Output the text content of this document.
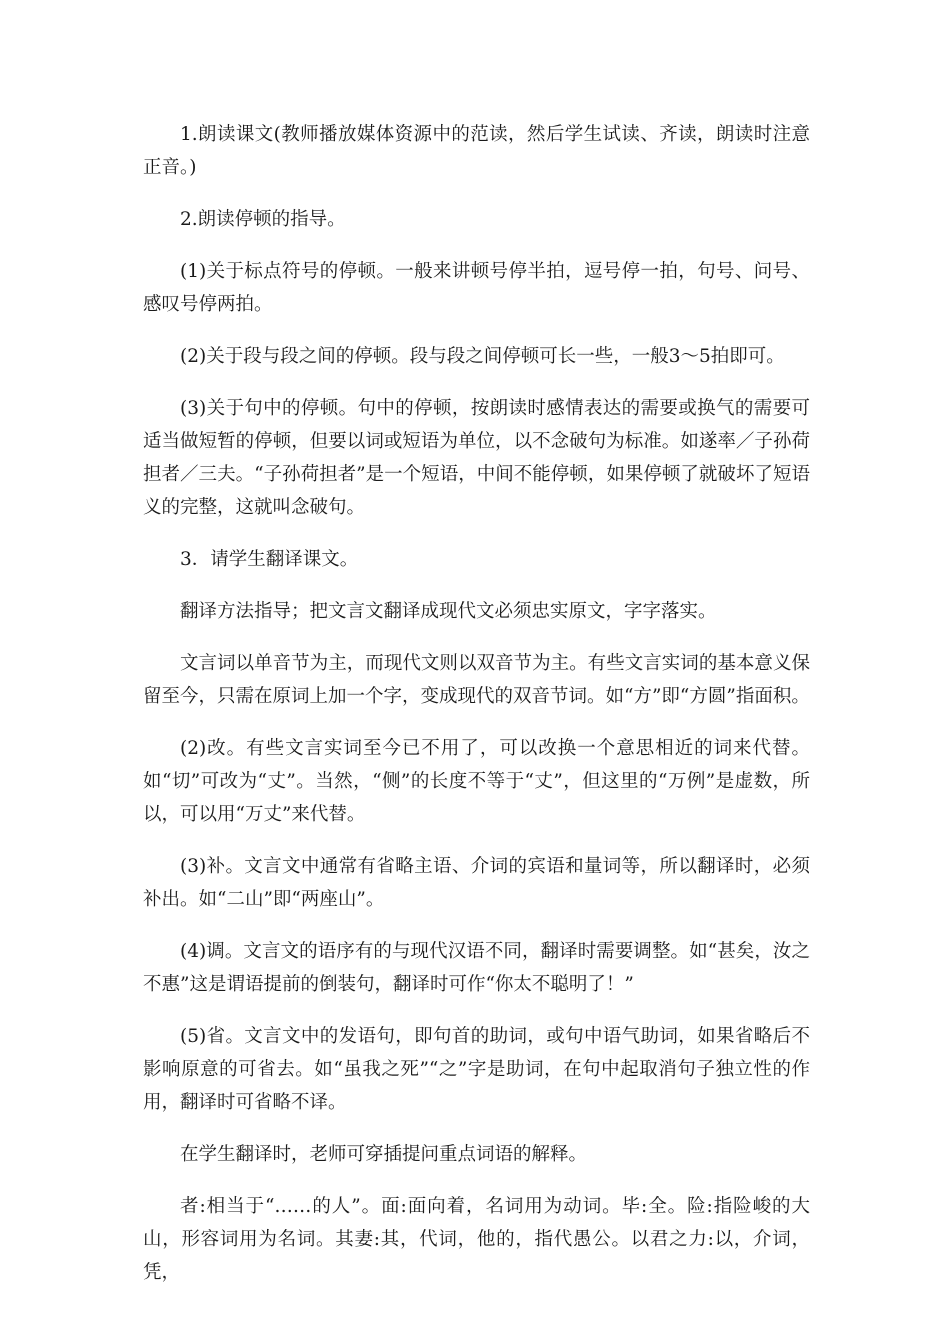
1.朗读课文(教师播放媒体资源中的范读，然后学生试读、齐读，朗读时注意正音。)

2.朗读停顿的指导。

(1)关于标点符号的停顿。一般来讲顿号停半拍，逗号停一拍，句号、问号、感叹号停两拍。

(2)关于段与段之间的停顿。段与段之间停顿可长一些，一般3～5拍即可。

(3)关于句中的停顿。句中的停顿，按朗读时感情表达的需要或换气的需要可适当做短暂的停顿，但要以词或短语为单位，以不念破句为标准。如遂率／子孙荷担者／三夫。“子孙荷担者”是一个短语，中间不能停顿，如果停顿了就破坏了短语义的完整，这就叫念破句。

3．请学生翻译课文。

翻译方法指导；把文言文翻译成现代文必须忠实原文，字字落实。

文言词以单音节为主，而现代文则以双音节为主。有些文言实词的基本意义保留至今，只需在原词上加一个字，变成现代的双音节词。如“方”即“方圆”指面积。

(2)改。有些文言实词至今已不用了，可以改换一个意思相近的词来代替。如“切”可改为“丈”。当然，“侧”的长度不等于“丈”，但这里的“万例”是虚数，所以，可以用“万丈”来代替。

(3)补。文言文中通常有省略主语、介词的宾语和量词等，所以翻译时，必须补出。如“二山”即“两座山”。

(4)调。文言文的语序有的与现代汉语不同，翻译时需要调整。如“甚矣，汝之不惠”这是谓语提前的倒装句，翻译时可作“你太不聪明了！”

(5)省。文言文中的发语句，即句首的助词，或句中语气助词，如果省略后不影响原意的可省去。如“虽我之死”“之”字是助词，在句中起取消句子独立性的作用，翻译时可省略不译。

在学生翻译时，老师可穿插提问重点词语的解释。

者:相当于“……的人”。面:面向着，名词用为动词。毕:全。险:指险峻的大山，形容词用为名词。其妻:其，代词，他的，指代愚公。以君之力:以，介词，凭，
